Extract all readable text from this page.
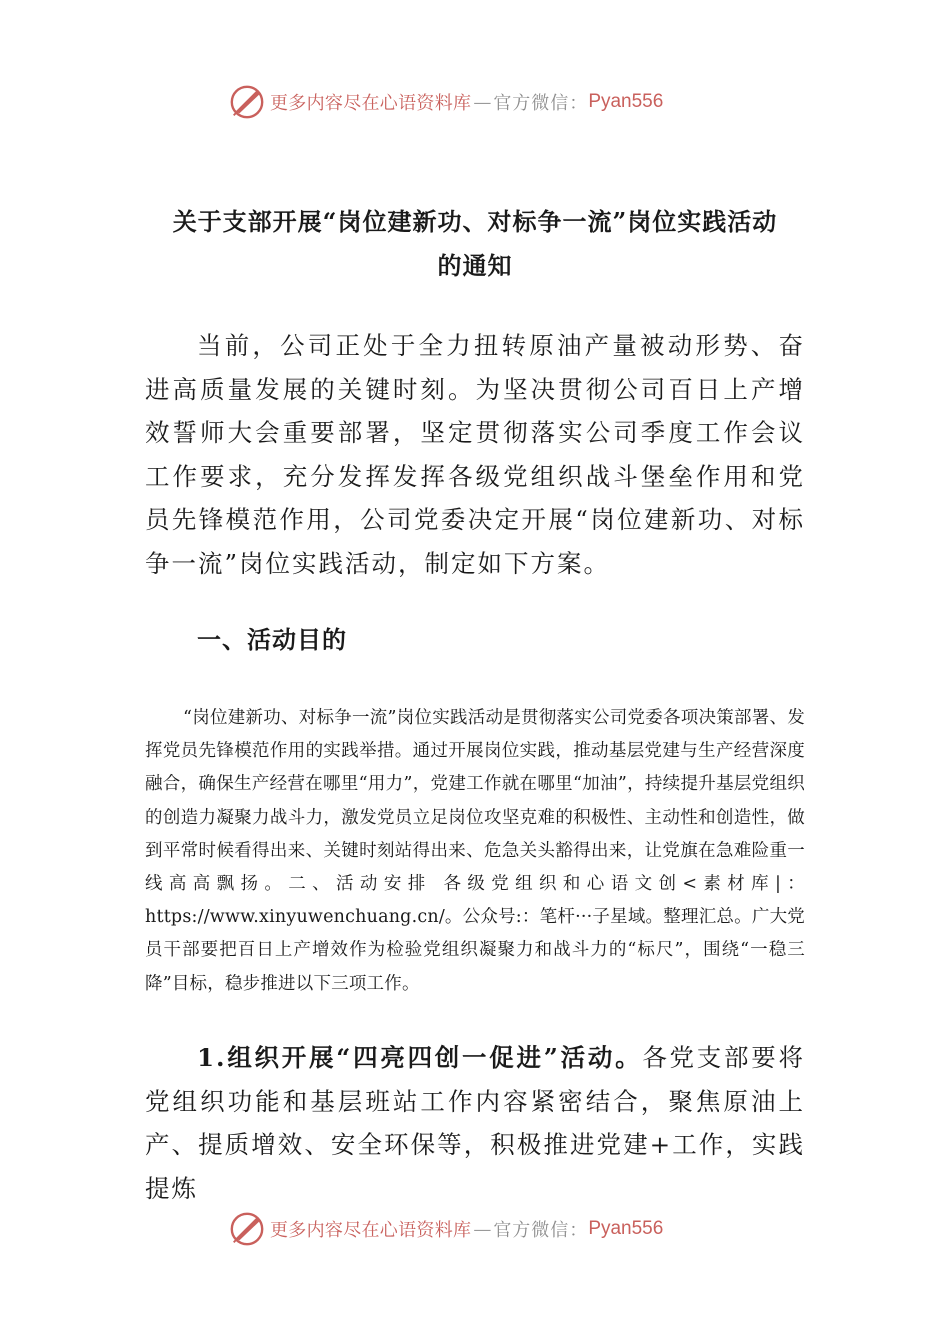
更多内容尽在心语资料库 — 官方微信： Pyan556
关于支部开展“岗位建新功、对标争一流”岗位实践活动
的通知

当前，公司正处于全力扭转原油产量被动形势、奋进高质量发展的关键时刻。为坚决贯彻公司百日上产增效誓师大会重要部署，坚定贯彻落实公司季度工作会议工作要求，充分发挥发挥各级党组织战斗堡垒作用和党员先锋模范作用，公司党委决定开展“岗位建新功、对标争一流”岗位实践活动，制定如下方案。

一、活动目的

“岗位建新功、对标争一流”岗位实践活动是贯彻落实公司党委各项决策部署、发挥党员先锋模范作用的实践举措。通过开展岗位实践，推动基层党建与生产经营深度融合，确保生产经营在哪里“用力”，党建工作就在哪里“加油”，持续提升基层党组织的创造力凝聚力战斗力，激发党员立足岗位攻坚克难的积极性、主动性和创造性，做到平常时候看得出来、关键时刻站得出来、危急关头豁得出来，让党旗在急难险重一线高高飘扬。二、活动安排 各级党组织和心语文创<素材库|：https://www.xinyuwenchuang.cn/。公众号:：笔杆···子星域。整理汇总。广大党员干部要把百日上产增效作为检验党组织凝聚力和战斗力的“标尺”，围绕“一稳三降”目标，稳步推进以下三项工作。

1.组织开展“四亮四创一促进”活动。各党支部要将党组织功能和基层班站工作内容紧密结合，聚焦原油上产、提质增效、安全环保等，积极推进党建+工作，实践提炼

更多内容尽在心语资料库 — 官方微信： Pyan556
